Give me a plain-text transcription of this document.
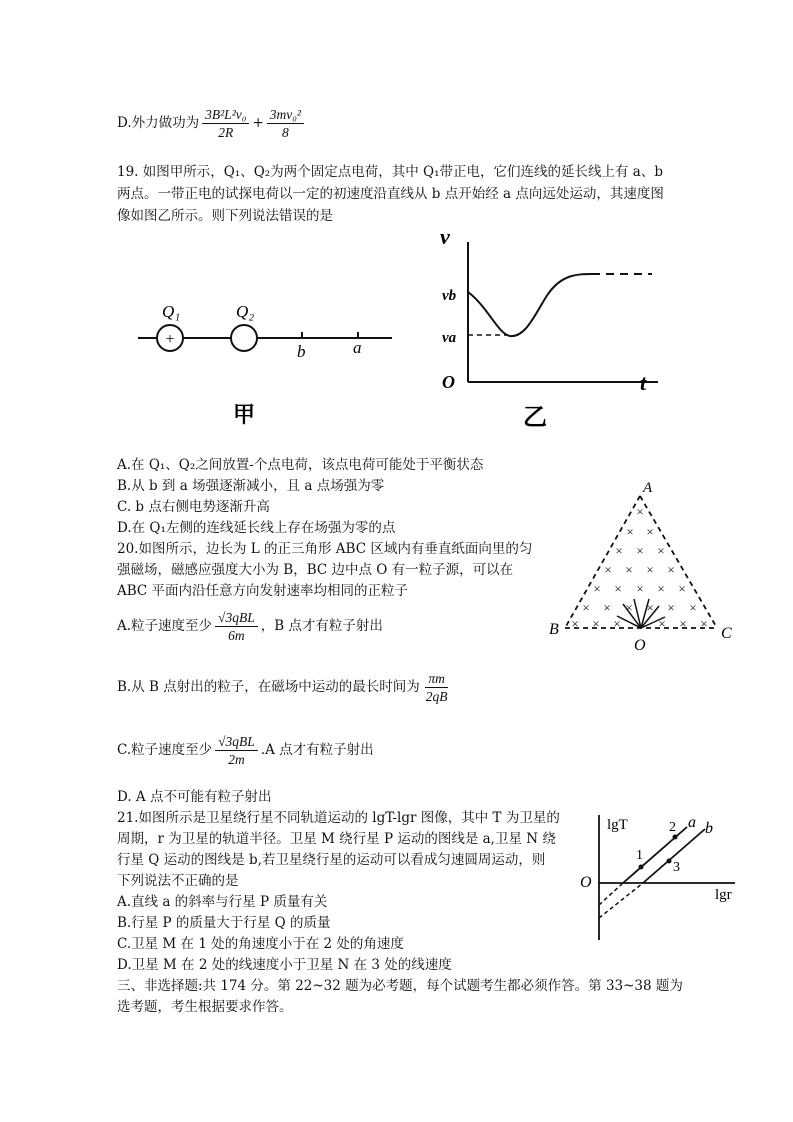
D.外力做功为 $\frac{\text{3B²L²v₀}}{2R} + \frac{\text{3mv₀²}}{8}$
19. 如图甲所示，Q₁、Q₂为两个固定点电荷，其中 Q₁带正电，它们连线的延长线上有 a、b
两点。一带正电的试探电荷以一定的初速度沿直线从 b 点开始经 a 点向远处运动，其速度图
像如图乙所示。则下列说法错误的是
+
Q₁	Q₂
b	a
甲
v
vb
va
O	t
乙
A.在 Q₁、Q₂之间放置-个点电荷，该点电荷可能处于平衡状态
B.从 b 到 a 场强逐渐减小，且 a 点场强为零
C. b 点右侧电势逐渐升高
D.在 Q₁左侧的连线延长线上存在场强为零的点
20.如图所示，边长为 L 的正三角形 ABC 区域内有垂直纸面向里的匀
强磁场，磁感应强度大小为 B，BC 边中点 O 有一粒子源，可以在
ABC 平面内沿任意方向发射速率均相同的正粒子
×
× ×
× × ×
× × × ×
× × × × ×
× × × × × ×
× × ×	× × ×
A
B	C
O
A.粒子速度至少 $\frac{\text{√3qBL}}{6m}$ ，B 点才有粒子射出
B.从 B 点射出的粒子，在磁场中运动的最长时间为 $\frac{\pi m}{2qB}$
C.粒子速度至少 $\frac{\text{√3qBL}}{2m} .A$ 点才有粒子射出
D. A 点不可能有粒子射出
21.如图所示是卫星绕行星不同轨道运动的 lgT-lgr 图像，其中 T 为卫星的
周期，r 为卫星的轨道半径。卫星 M 绕行星 P 运动的图线是 a,卫星 N 绕
行星 Q 运动的图线是 b,若卫星绕行星的运动可以看成匀速圆周运动，则
下列说法不正确的是
lgT
lgr
O
a b
1
2
3
A.直线 a 的斜率与行星 P 质量有关
B.行星 P 的质量大于行星 Q 的质量
C.卫星 M 在 1 处的角速度小于在 2 处的角速度
D.卫星 M 在 2 处的线速度小于卫星 N 在 3 处的线速度
三、非选择题:共 174 分。第 22~32 题为必考题，每个试题考生都必须作答。第 33~38 题为
选考题，考生根据要求作答。
